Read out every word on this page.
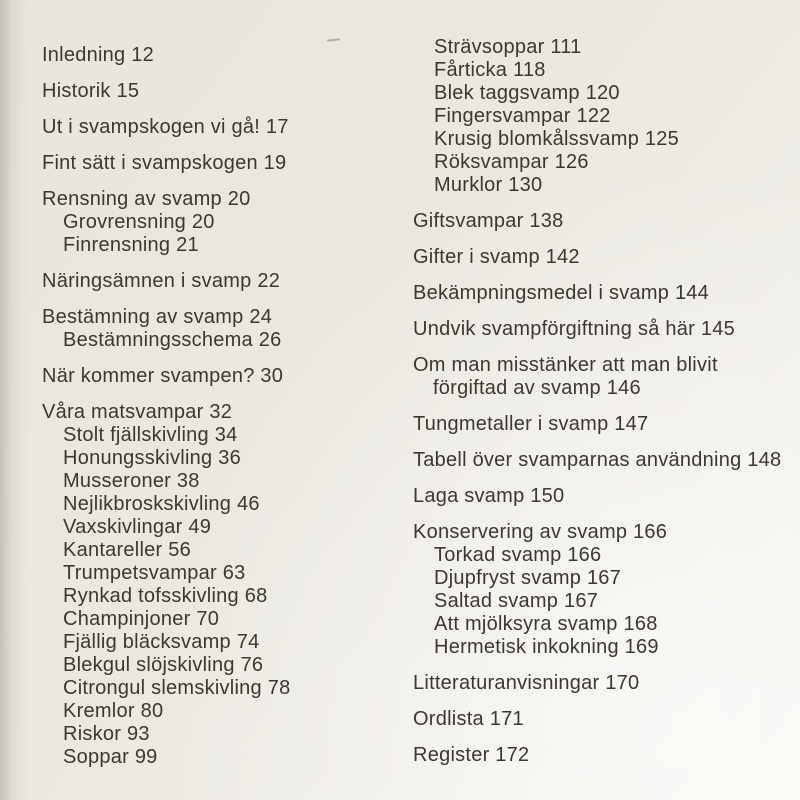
Inledning 12
Historik 15
Ut i svampskogen vi gå! 17
Fint sätt i svampskogen 19
Rensning av svamp 20
Grovrensning 20
Finrensning 21
Näringsämnen i svamp 22
Bestämning av svamp 24
Bestämningsschema 26
När kommer svampen? 30
Våra matsvampar 32
Stolt fjällskivling 34
Honungsskivling 36
Musseroner 38
Nejlikbroskskivling 46
Vaxskivlingar 49
Kantareller 56
Trumpetsvampar 63
Rynkad tofsskivling 68
Champinjoner 70
Fjällig bläcksvamp 74
Blekgul slöjskivling 76
Citrongul slemskivling 78
Kremlor 80
Riskor 93
Soppar 99
Strävsoppar 111
Fårticka 118
Blek taggsvamp 120
Fingersvampar 122
Krusig blomkålssvamp 125
Röksvampar 126
Murklor 130
Giftsvampar 138
Gifter i svamp 142
Bekämpningsmedel i svamp 144
Undvik svampförgiftning så här 145
Om man misstänker att man blivit
förgiftad av svamp 146
Tungmetaller i svamp 147
Tabell över svamparnas användning 148
Laga svamp 150
Konservering av svamp 166
Torkad svamp 166
Djupfryst svamp 167
Saltad svamp 167
Att mjölksyra svamp 168
Hermetisk inkokning 169
Litteraturanvisningar 170
Ordlista 171
Register 172
